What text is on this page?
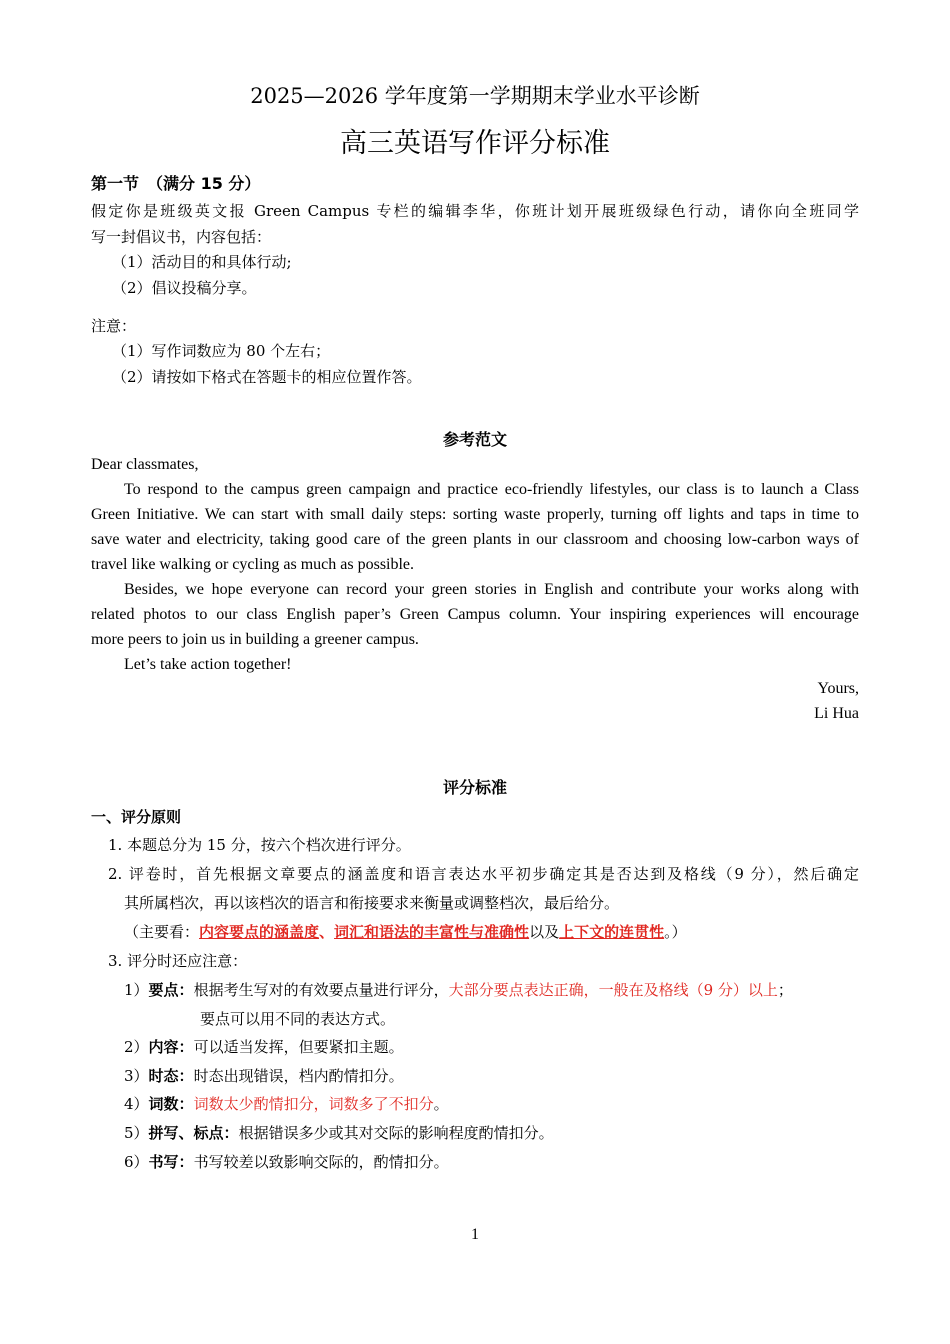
2025—2026 学年度第一学期期末学业水平诊断
高三英语写作评分标准
第一节　（满分 15 分）
假定你是班级英文报 Green Campus 专栏的编辑李华，你班计划开展班级绿色行动，请你向全班同学
写一封倡议书，内容包括：
（1）活动目的和具体行动;
（2）倡议投稿分享。
注意：
（1）写作词数应为 80 个左右；
（2）请按如下格式在答题卡的相应位置作答。
参考范文
Dear classmates,
To respond to the campus green campaign and practice eco-friendly lifestyles, our class is to launch a Class
Green Initiative. We can start with small daily steps: sorting waste properly, turning off lights and taps in time to
save water and electricity, taking good care of the green plants in our classroom and choosing low-carbon ways of
travel like walking or cycling as much as possible.
Besides, we hope everyone can record your green stories in English and contribute your works along with
related photos to our class English paper’s Green Campus column. Your inspiring experiences will encourage
more peers to join us in building a greener campus.
Let’s take action together!
Yours,
Li Hua
评分标准
一、评分原则
1. 本题总分为 15 分，按六个档次进行评分。
2. 评卷时，首先根据文章要点的涵盖度和语言表达水平初步确定其是否达到及格线（9 分），然后确定
其所属档次，再以该档次的语言和衔接要求来衡量或调整档次，最后给分。
（主要看：内容要点的涵盖度、词汇和语法的丰富性与准确性以及上下文的连贯性。）
3. 评分时还应注意：
1）要点：根据考生写对的有效要点量进行评分，大部分要点表达正确，一般在及格线（9 分）以上；
要点可以用不同的表达方式。
2）内容：可以适当发挥，但要紧扣主题。
3）时态：时态出现错误，档内酌情扣分。
4）词数：词数太少酌情扣分，词数多了不扣分。
5）拼写、标点：根据错误多少或其对交际的影响程度酌情扣分。
6）书写：书写较差以致影响交际的，酌情扣分。
1
